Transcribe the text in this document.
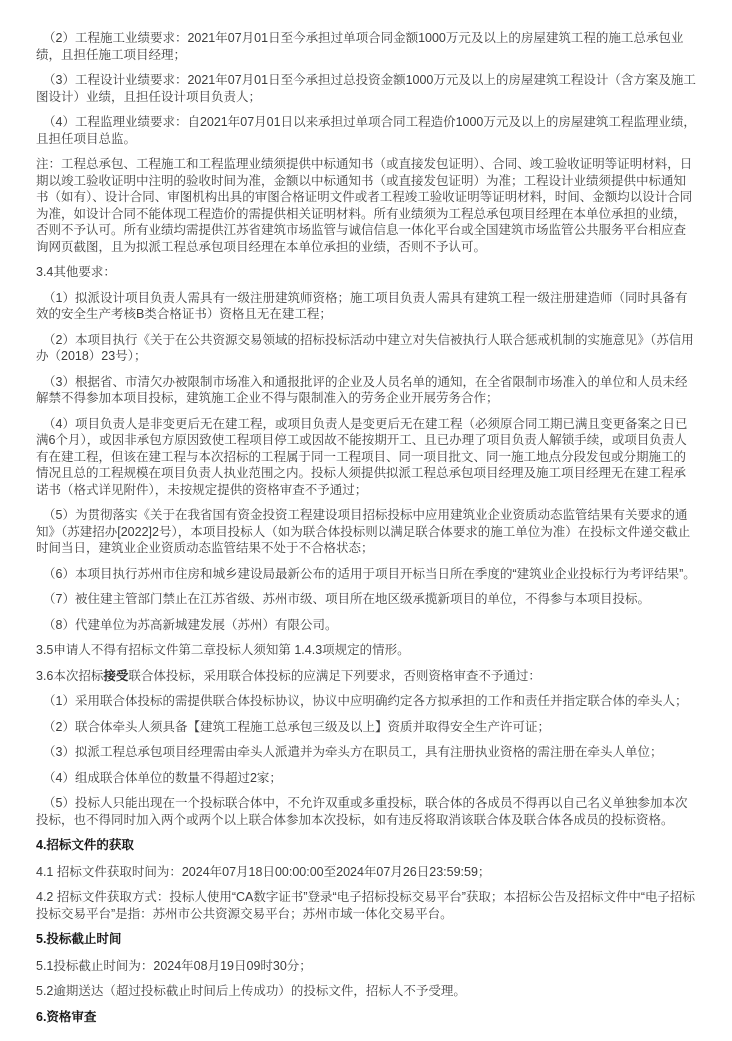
（2）工程施工业绩要求：2021年07月01日至今承担过单项合同金额1000万元及以上的房屋建筑工程的施工总承包业绩，且担任施工项目经理；

（3）工程设计业绩要求：2021年07月01日至今承担过总投资金额1000万元及以上的房屋建筑工程设计（含方案及施工图设计）业绩，且担任设计项目负责人；

（4）工程监理业绩要求：自2021年07月01日以来承担过单项合同工程造价1000万元及以上的房屋建筑工程监理业绩，且担任项目总监。

注：工程总承包、工程施工和工程监理业绩须提供中标通知书（或直接发包证明）、合同、竣工验收证明等证明材料，日期以竣工验收证明中注明的验收时间为准，金额以中标通知书（或直接发包证明）为准；工程设计业绩须提供中标通知书（如有）、设计合同、审图机构出具的审图合格证明文件或者工程竣工验收证明等证明材料，时间、金额均以设计合同为准，如设计合同不能体现工程造价的需提供相关证明材料。所有业绩须为工程总承包项目经理在本单位承担的业绩，否则不予认可。所有业绩均需提供江苏省建筑市场监管与诚信信息一体化平台或全国建筑市场监管公共服务平台相应查询网页截图，且为拟派工程总承包项目经理在本单位承担的业绩，否则不予认可。

3.4其他要求：

（1）拟派设计项目负责人需具有一级注册建筑师资格；施工项目负责人需具有建筑工程一级注册建造师（同时具备有效的安全生产考核B类合格证书）资格且无在建工程；

（2）本项目执行《关于在公共资源交易领域的招标投标活动中建立对失信被执行人联合惩戒机制的实施意见》（苏信用办（2018）23号）；

（3）根据省、市清欠办被限制市场准入和通报批评的企业及人员名单的通知，在全省限制市场准入的单位和人员未经解禁不得参加本项目投标，建筑施工企业不得与限制准入的劳务企业开展劳务合作；

（4）项目负责人是非变更后无在建工程，或项目负责人是变更后无在建工程（必须原合同工期已满且变更备案之日已满6个月），或因非承包方原因致使工程项目停工或因故不能按期开工、且已办理了项目负责人解锁手续，或项目负责人有在建工程，但该在建工程与本次招标的工程属于同一工程项目、同一项目批文、同一施工地点分段发包或分期施工的情况且总的工程规模在项目负责人执业范围之内。投标人须提供拟派工程总承包项目经理及施工项目经理无在建工程承诺书（格式详见附件），未按规定提供的资格审查不予通过；

（5）为贯彻落实《关于在我省国有资金投资工程建设项目招标投标中应用建筑业企业资质动态监管结果有关要求的通知》（苏建招办[2022]2号），本项目投标人（如为联合体投标则以满足联合体要求的施工单位为准）在投标文件递交截止时间当日，建筑业企业资质动态监管结果不处于不合格状态；

（6）本项目执行苏州市住房和城乡建设局最新公布的适用于项目开标当日所在季度的“建筑业企业投标行为考评结果”。

（7）被住建主管部门禁止在江苏省级、苏州市级、项目所在地区级承揽新项目的单位，不得参与本项目投标。

（8）代建单位为苏高新城建发展（苏州）有限公司。

3.5申请人不得有招标文件第二章投标人须知第 1.4.3项规定的情形。

3.6本次招标接受联合体投标，采用联合体投标的应满足下列要求，否则资格审查不予通过：

（1）采用联合体投标的需提供联合体投标协议，协议中应明确约定各方拟承担的工作和责任并指定联合体的牵头人；

（2）联合体牵头人须具备【建筑工程施工总承包三级及以上】资质并取得安全生产许可证；

（3）拟派工程总承包项目经理需由牵头人派遣并为牵头方在职员工，具有注册执业资格的需注册在牵头人单位；

（4）组成联合体单位的数量不得超过2家；

（5）投标人只能出现在一个投标联合体中，不允许双重或多重投标，联合体的各成员不得再以自己名义单独参加本次投标，也不得同时加入两个或两个以上联合体参加本次投标，如有违反将取消该联合体及联合体各成员的投标资格。

4.招标文件的获取

4.1 招标文件获取时间为：2024年07月18日00:00:00至2024年07月26日23:59:59；

4.2 招标文件获取方式：投标人使用“CA数字证书”登录“电子招标投标交易平台”获取；本招标公告及招标文件中“电子招标投标交易平台”是指：苏州市公共资源交易平台；苏州市域一体化交易平台。

5.投标截止时间

5.1投标截止时间为：2024年08月19日09时30分；

5.2逾期送达（超过投标截止时间后上传成功）的投标文件，招标人不予受理。

6.资格审查
